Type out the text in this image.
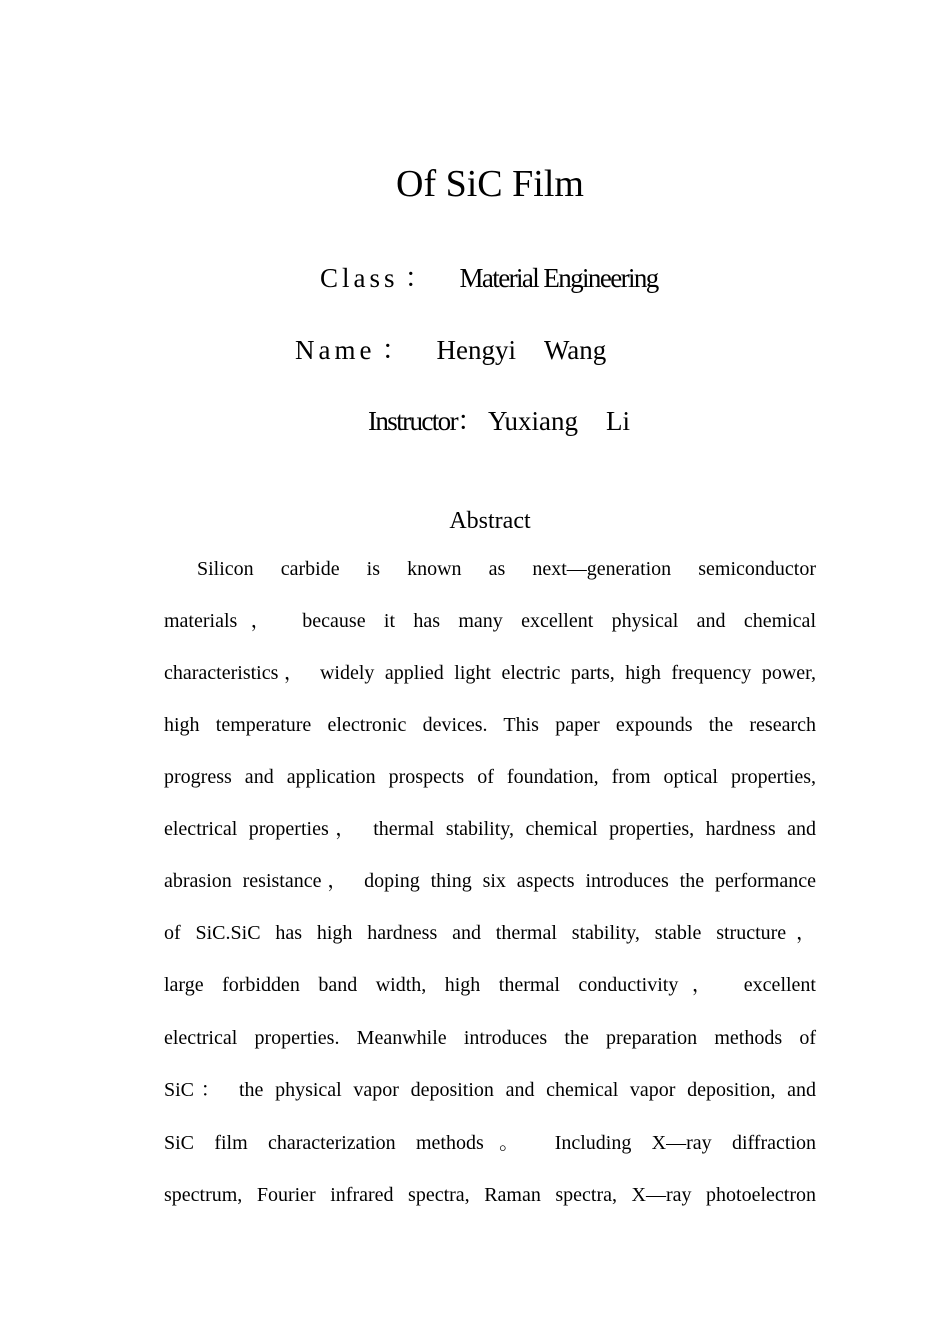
Of SiC Film
Class ： Material Engineering
Name ： Hengyi Wang
Instructor： Yuxiang Li
Abstract
Silicon carbide is known as next—generation semiconductor
materials， because it has many excellent physical and chemical
characteristics， widely applied light electric parts, high frequency power,
high temperature electronic devices. This paper expounds the research
progress and application prospects of foundation, from optical properties,
electrical properties， thermal stability, chemical properties, hardness and
abrasion resistance， doping thing six aspects introduces the performance
of SiC.SiC has high hardness and thermal stability, stable structure，
large forbidden band width, high thermal conductivity， excellent
electrical properties. Meanwhile introduces the preparation methods of
SiC： the physical vapor deposition and chemical vapor deposition, and
SiC film characterization methods。 Including X—ray diffraction
spectrum, Fourier infrared spectra, Raman spectra, X—ray photoelectron
